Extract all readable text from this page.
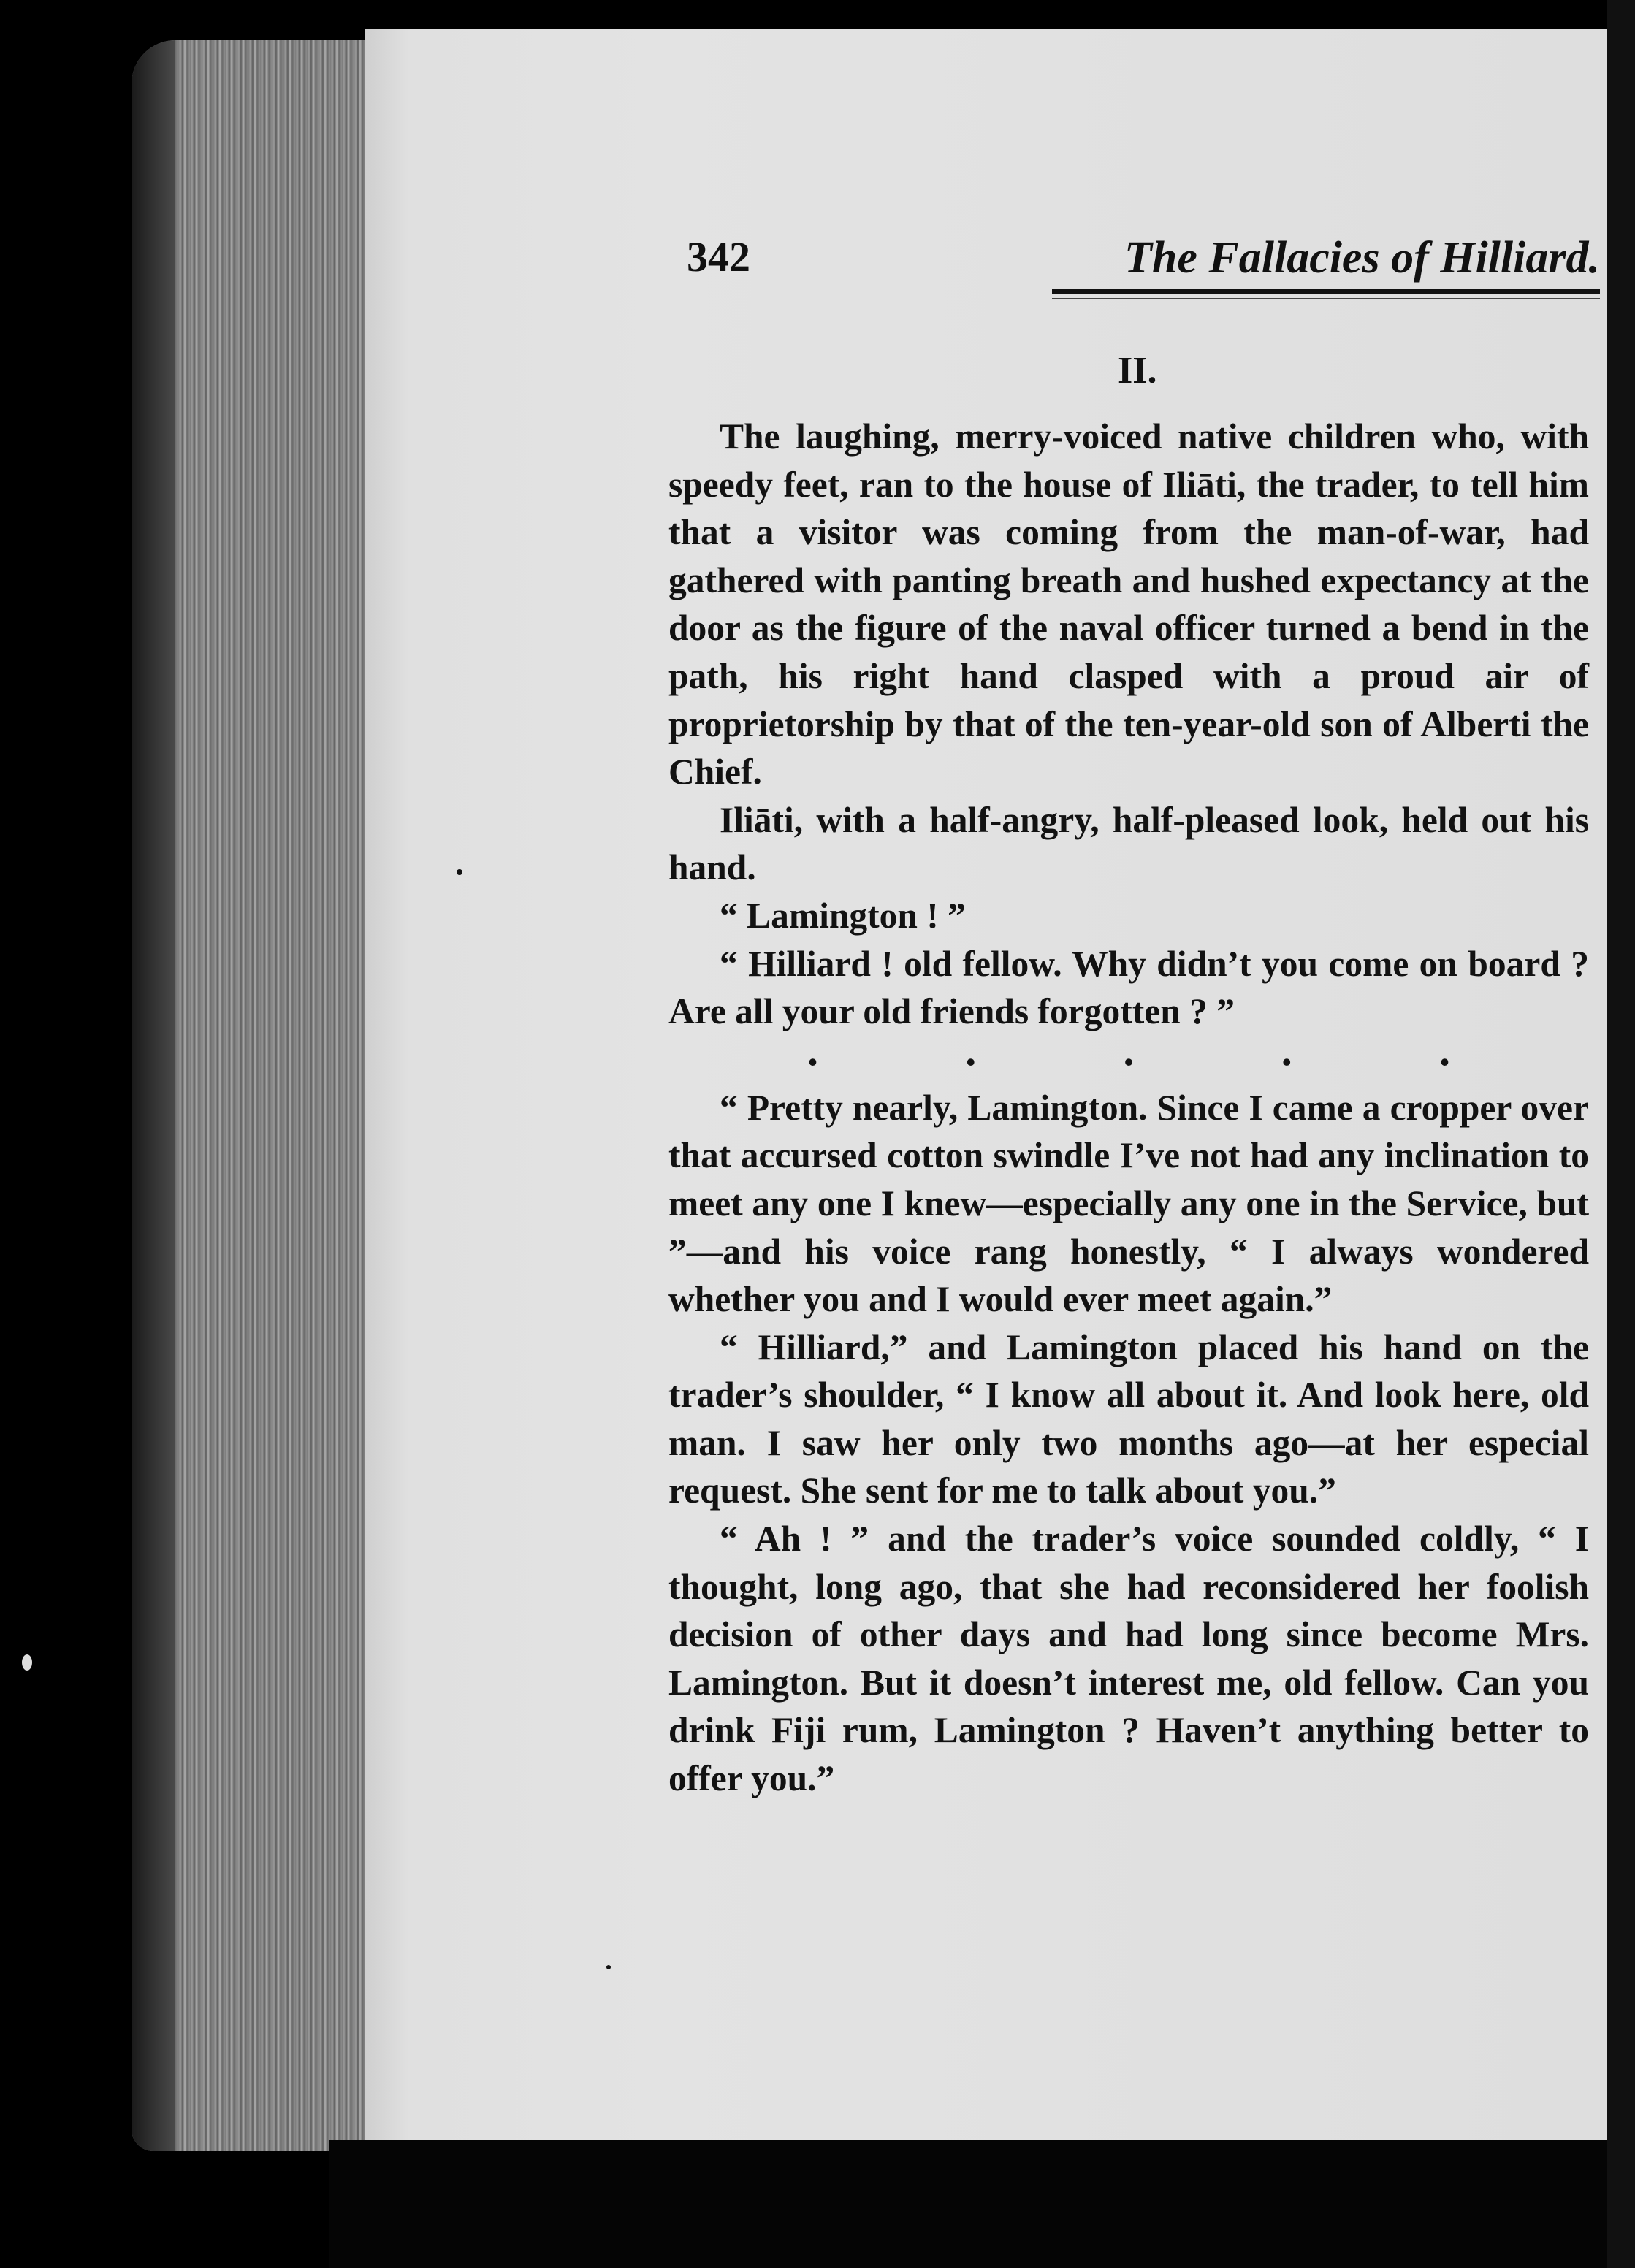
342	The Fallacies of Hilliard.
II.

The laughing, merry-voiced native children who, with speedy feet, ran to the house of Iliāti, the trader, to tell him that a visitor was coming from the man-of-war, had gathered with panting breath and hushed expectancy at the door as the figure of the naval officer turned a bend in the path, his right hand clasped with a proud air of proprietorship by that of the ten-year-old son of Alberti the Chief.

Iliāti, with a half-angry, half-pleased look, held out his hand.

“ Lamington ! ”

“ Hilliard ! old fellow. Why didn’t you come on board ? Are all your old friends forgotten ? ”

.	.	.	.	.

“ Pretty nearly, Lamington. Since I came a cropper over that accursed cotton swindle I’ve not had any inclination to meet any one I knew—especially any one in the Service, but ”—and his voice rang honestly, “ I always wondered whether you and I would ever meet again.”

“ Hilliard,” and Lamington placed his hand on the trader’s shoulder, “ I know all about it. And look here, old man. I saw her only two months ago—at her especial request. She sent for me to talk about you.”

“ Ah ! ” and the trader’s voice sounded coldly, “ I thought, long ago, that she had reconsidered her foolish decision of other days and had long since become Mrs. Lamington. But it doesn’t interest me, old fellow. Can you drink Fiji rum, Lamington ? Haven’t anything better to offer you.”
